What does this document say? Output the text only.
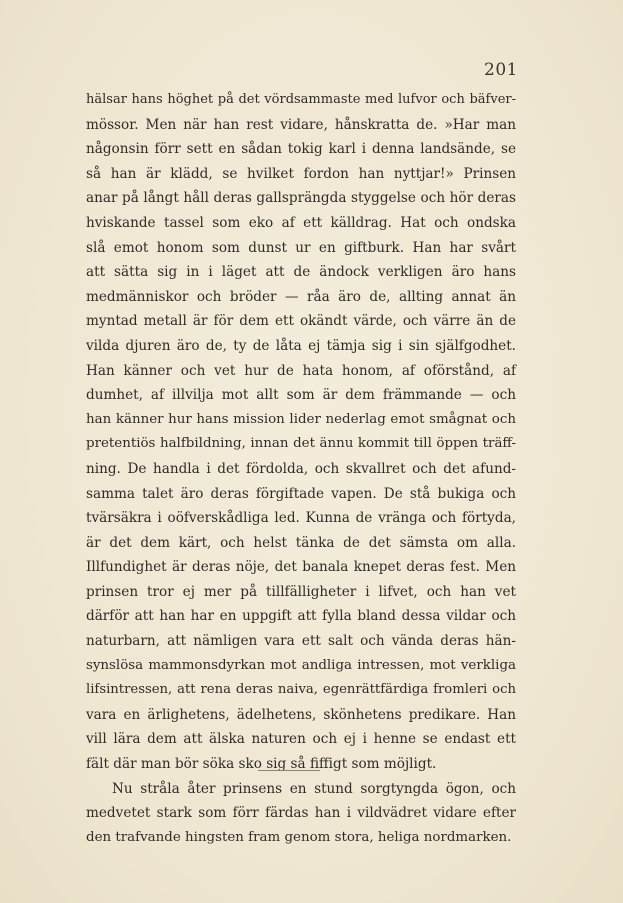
201
hälsar hans höghet på det vördsammaste med lufvor och bäfver-
mössor. Men när han rest vidare, hånskratta de. »Har man
någonsin förr sett en sådan tokig karl i denna landsände, se
så han är klädd, se hvilket fordon han nyttjar!» Prinsen
anar på långt håll deras gallsprängda styggelse och hör deras
hviskande tassel som eko af ett källdrag. Hat och ondska
slå emot honom som dunst ur en giftburk. Han har svårt
att sätta sig in i läget att de ändock verkligen äro hans
medmänniskor och bröder — råa äro de, allting annat än
myntad metall är för dem ett okändt värde, och värre än de
vilda djuren äro de, ty de låta ej tämja sig i sin själfgodhet.
Han känner och vet hur de hata honom, af oförstånd, af
dumhet, af illvilja mot allt som är dem främmande — och
han känner hur hans mission lider nederlag emot smågnat och
pretentiös halfbildning, innan det ännu kommit till öppen träff-
ning. De handla i det fördolda, och skvallret och det afund-
samma talet äro deras förgiftade vapen. De stå bukiga och
tvärsäkra i oöfverskådliga led. Kunna de vränga och förtyda,
är det dem kärt, och helst tänka de det sämsta om alla.
Illfundighet är deras nöje, det banala knepet deras fest. Men
prinsen tror ej mer på tillfälligheter i lifvet, och han vet
därför att han har en uppgift att fylla bland dessa vildar och
naturbarn, att nämligen vara ett salt och vända deras hän-
synslösa mammonsdyrkan mot andliga intressen, mot verkliga
lifsintressen, att rena deras naiva, egenrättfärdiga fromleri och
vara en ärlighetens, ädelhetens, skönhetens predikare. Han
vill lära dem att älska naturen och ej i henne se endast ett
fält där man bör söka sko sig så fiffigt som möjligt.
Nu stråla åter prinsens en stund sorgtyngda ögon, och
medvetet stark som förr färdas han i vildvädret vidare efter
den trafvande hingsten fram genom stora, heliga nordmarken.
